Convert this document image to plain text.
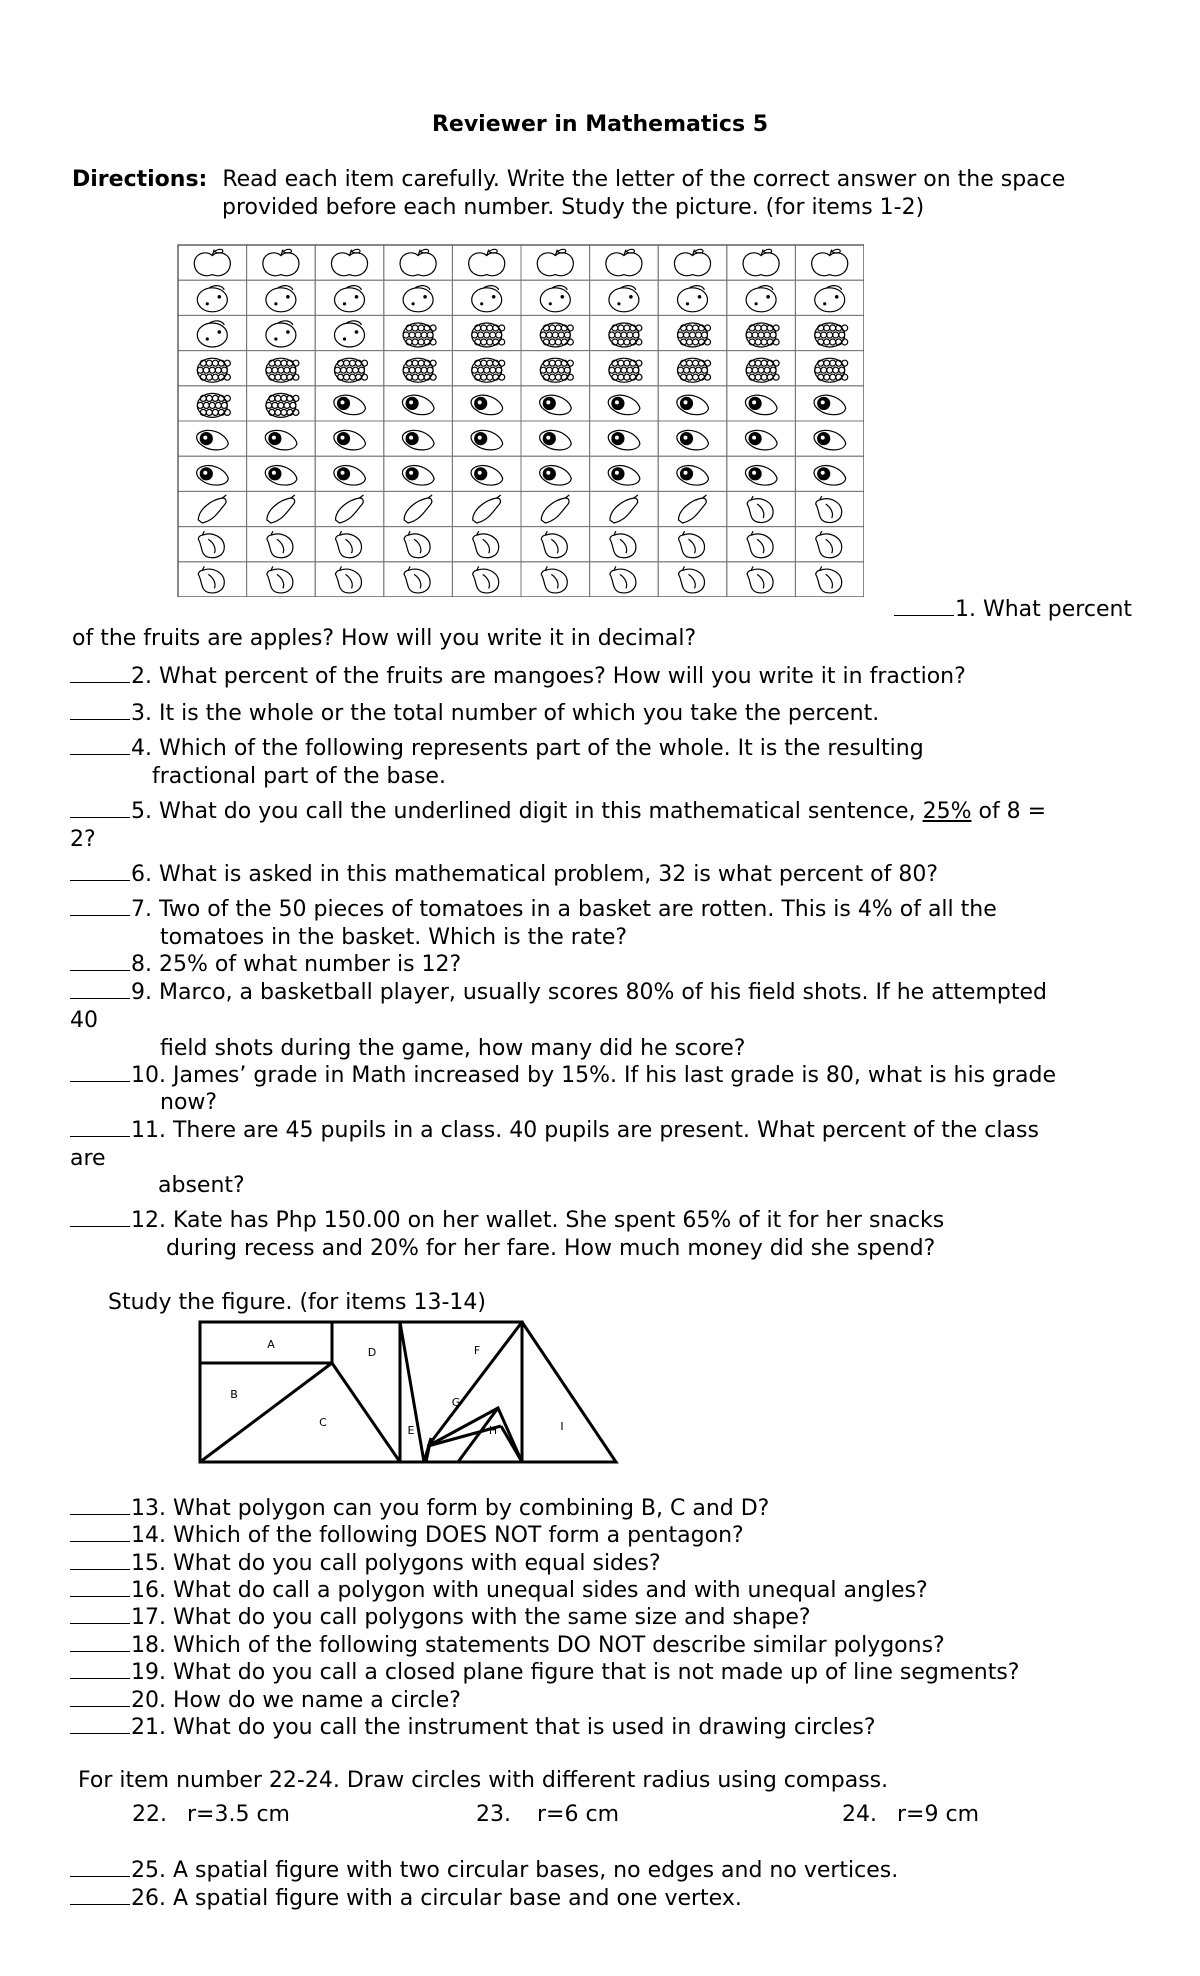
Reviewer in Mathematics 5
Directions: Read each item carefully. Write the letter of the correct answer on the space
provided before each number. Study the picture. (for items 1-2)
1. What percent
of the fruits are apples? How will you write it in decimal?
2. What percent of the fruits are mangoes? How will you write it in fraction?
3. It is the whole or the total number of which you take the percent.
4. Which of the following represents part of the whole. It is the resulting
fractional part of the base.
5. What do you call the underlined digit in this mathematical sentence, 25% of 8 =
2?
6. What is asked in this mathematical problem, 32 is what percent of 80?
7. Two of the 50 pieces of tomatoes in a basket are rotten. This is 4% of all the
tomatoes in the basket. Which is the rate?
8. 25% of what number is 12?
9. Marco, a basketball player, usually scores 80% of his field shots. If he attempted
40
field shots during the game, how many did he score?
10. James’ grade in Math increased by 15%. If his last grade is 80, what is his grade
now?
11. There are 45 pupils in a class. 40 pupils are present. What percent of the class
are
absent?
12. Kate has Php 150.00 on her wallet. She spent 65% of it for her snacks
during recess and 20% for her fare. How much money did she spend?
Study the figure. (for items 13-14)
A
B
C
D
E
F
G
H	I
13. What polygon can you form by combining B, C and D?
14. Which of the following DOES NOT form a pentagon?
15. What do you call polygons with equal sides?
16. What do call a polygon with unequal sides and with unequal angles?
17. What do you call polygons with the same size and shape?
18. Which of the following statements DO NOT describe similar polygons?
19. What do you call a closed plane figure that is not made up of line segments?
20. How do we name a circle?
21. What do you call the instrument that is used in drawing circles?
For item number 22-24. Draw circles with different radius using compass.
22. r=3.5 cm	23. r=6 cm	24. r=9 cm
25. A spatial figure with two circular bases, no edges and no vertices.
26. A spatial figure with a circular base and one vertex.
